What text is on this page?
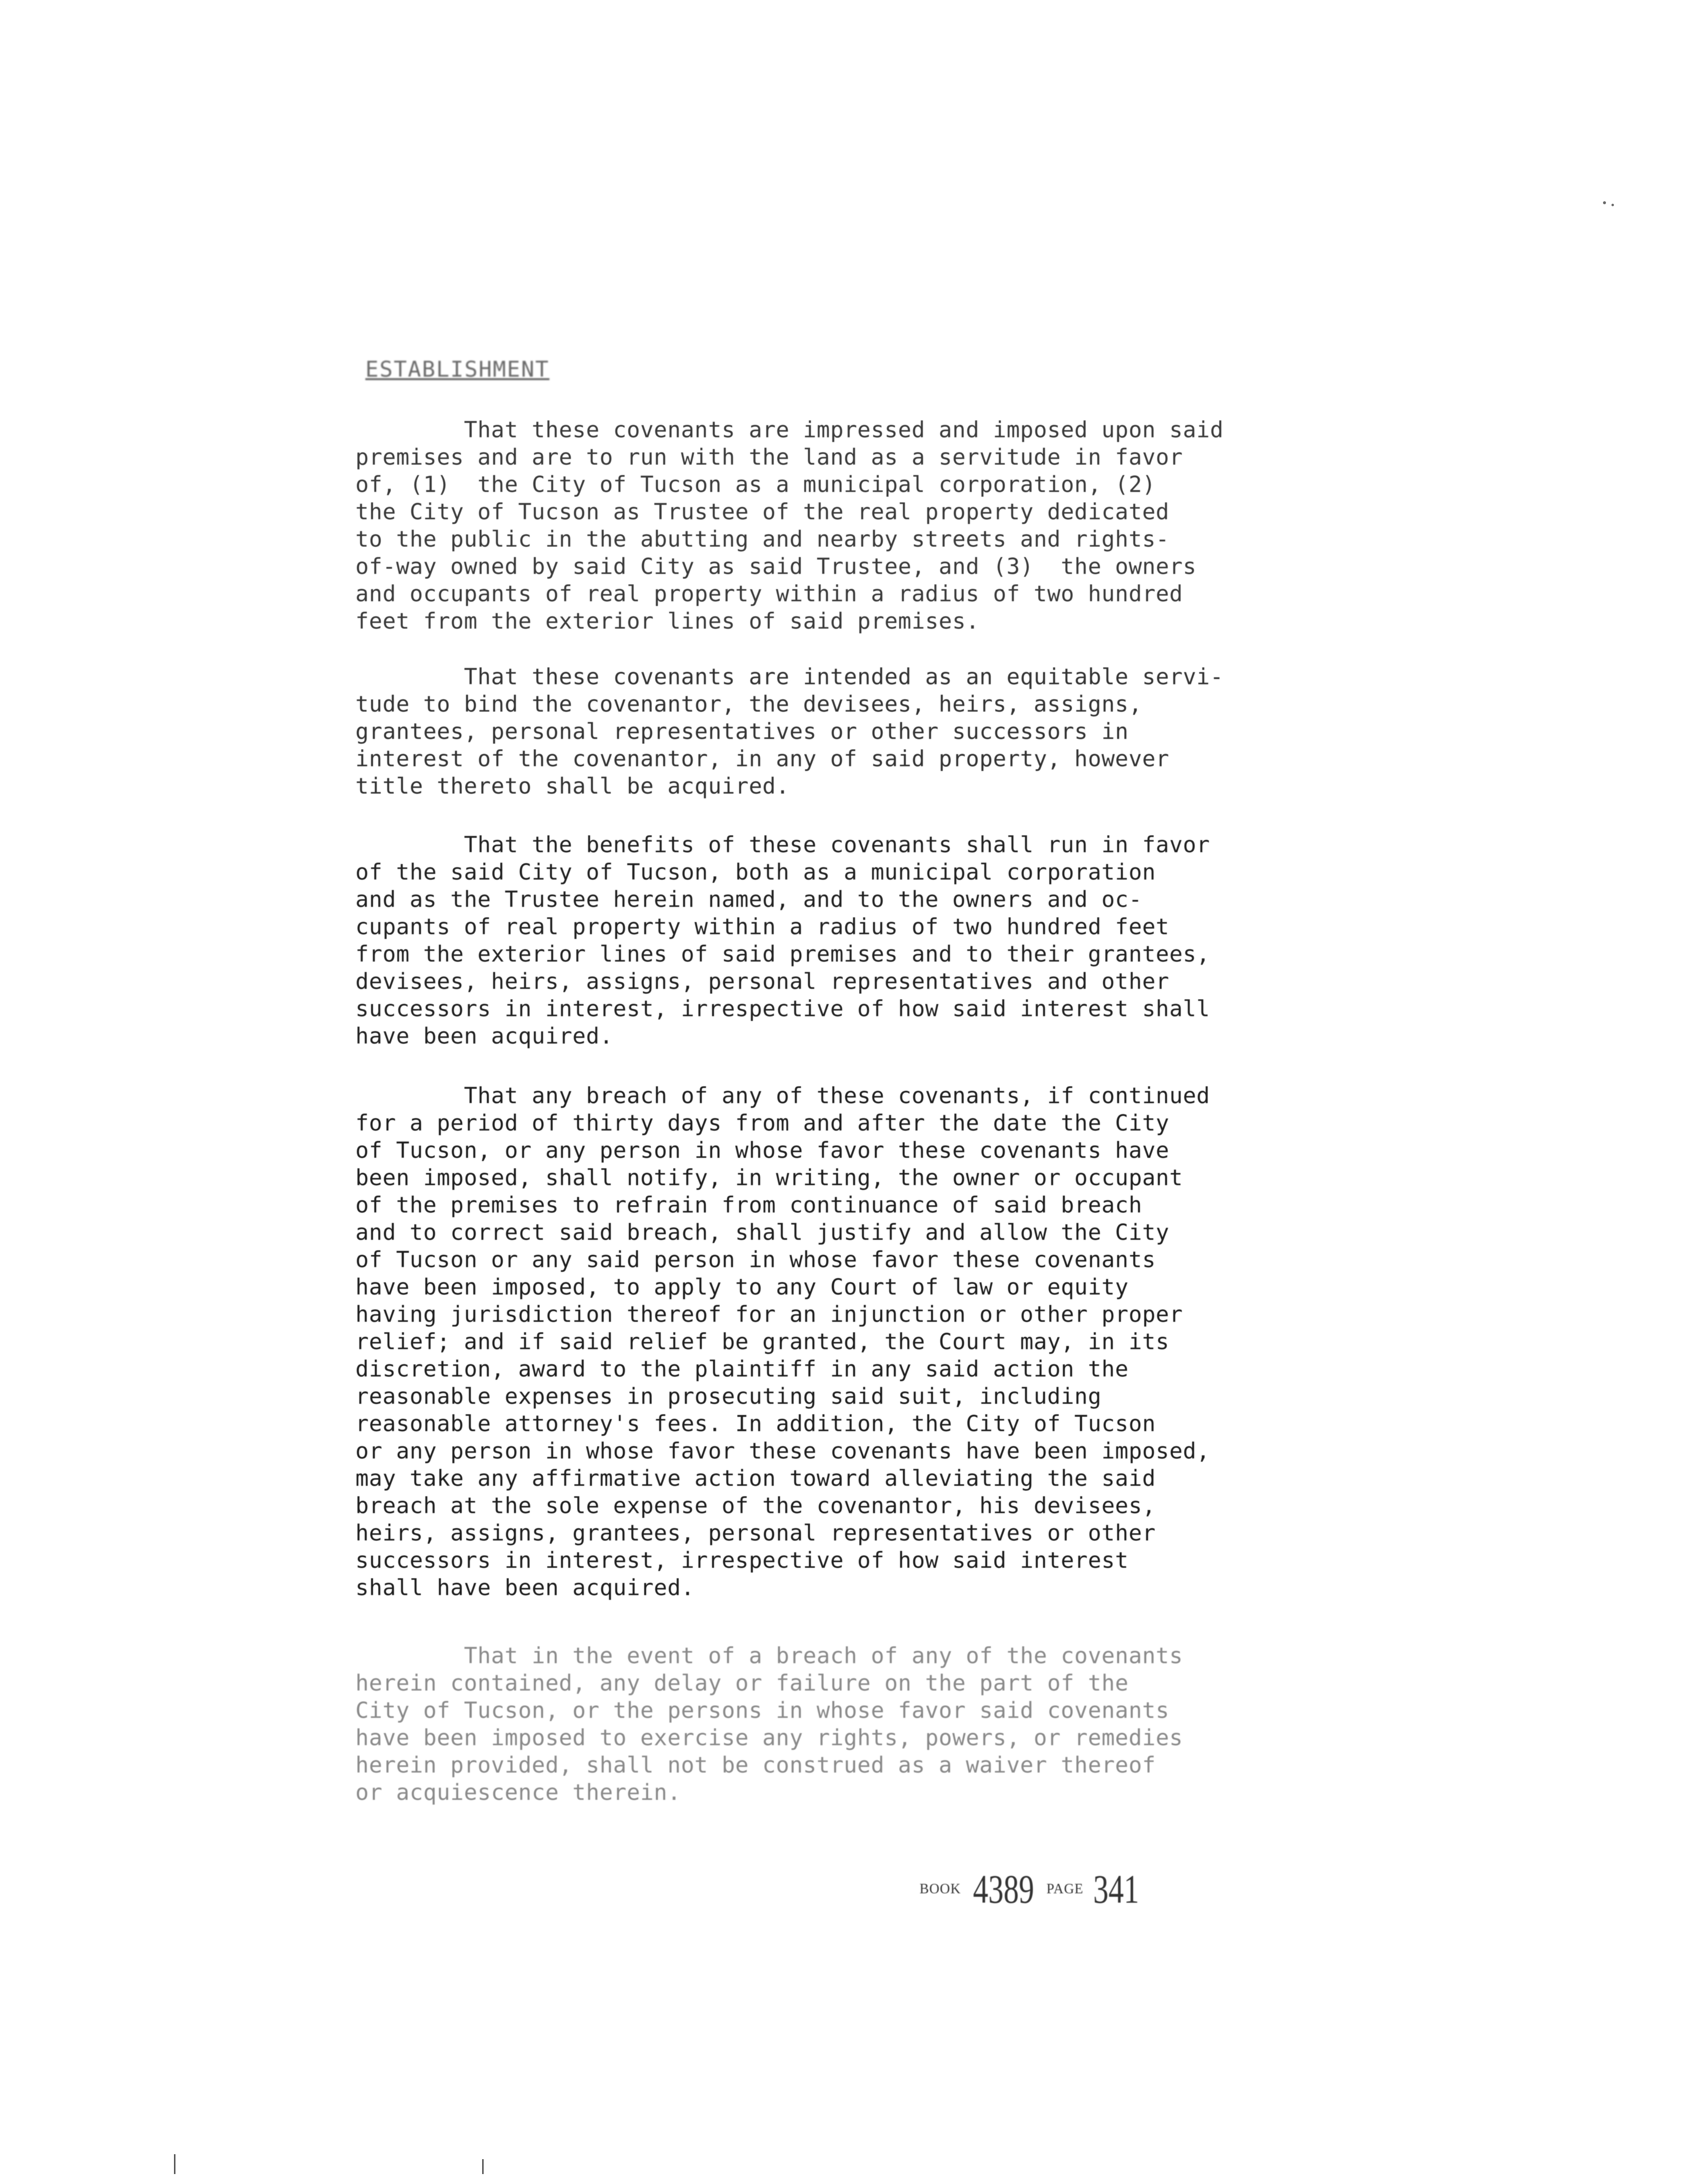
ESTABLISHMENT

That these covenants are impressed and imposed upon said
premises and are to run with the land as a servitude in favor
of, (1)  the City of Tucson as a municipal corporation, (2)
the City of Tucson as Trustee of the real property dedicated
to the public in the abutting and nearby streets and rights-
of-way owned by said City as said Trustee, and (3)  the owners
and occupants of real property within a radius of two hundred
feet from the exterior lines of said premises.

That these covenants are intended as an equitable servi-
tude to bind the covenantor, the devisees, heirs, assigns,
grantees, personal representatives or other successors in
interest of the covenantor, in any of said property, however
title thereto shall be acquired.

That the benefits of these covenants shall run in favor
of the said City of Tucson, both as a municipal corporation
and as the Trustee herein named, and to the owners and oc-
cupants of real property within a radius of two hundred feet
from the exterior lines of said premises and to their grantees,
devisees, heirs, assigns, personal representatives and other
successors in interest, irrespective of how said interest shall
have been acquired.

That any breach of any of these covenants, if continued
for a period of thirty days from and after the date the City
of Tucson, or any person in whose favor these covenants have
been imposed, shall notify, in writing, the owner or occupant
of the premises to refrain from continuance of said breach
and to correct said breach, shall justify and allow the City
of Tucson or any said person in whose favor these covenants
have been imposed, to apply to any Court of law or equity
having jurisdiction thereof for an injunction or other proper
relief; and if said relief be granted, the Court may, in its
discretion, award to the plaintiff in any said action the
reasonable expenses in prosecuting said suit, including
reasonable attorney's fees. In addition, the City of Tucson
or any person in whose favor these covenants have been imposed,
may take any affirmative action toward alleviating the said
breach at the sole expense of the covenantor, his devisees,
heirs, assigns, grantees, personal representatives or other
successors in interest, irrespective of how said interest
shall have been acquired.

That in the event of a breach of any of the covenants
herein contained, any delay or failure on the part of the
City of Tucson, or the persons in whose favor said covenants
have been imposed to exercise any rights, powers, or remedies
herein provided, shall not be construed as a waiver thereof
or acquiescence therein.

BOOK 4389 PAGE 341
